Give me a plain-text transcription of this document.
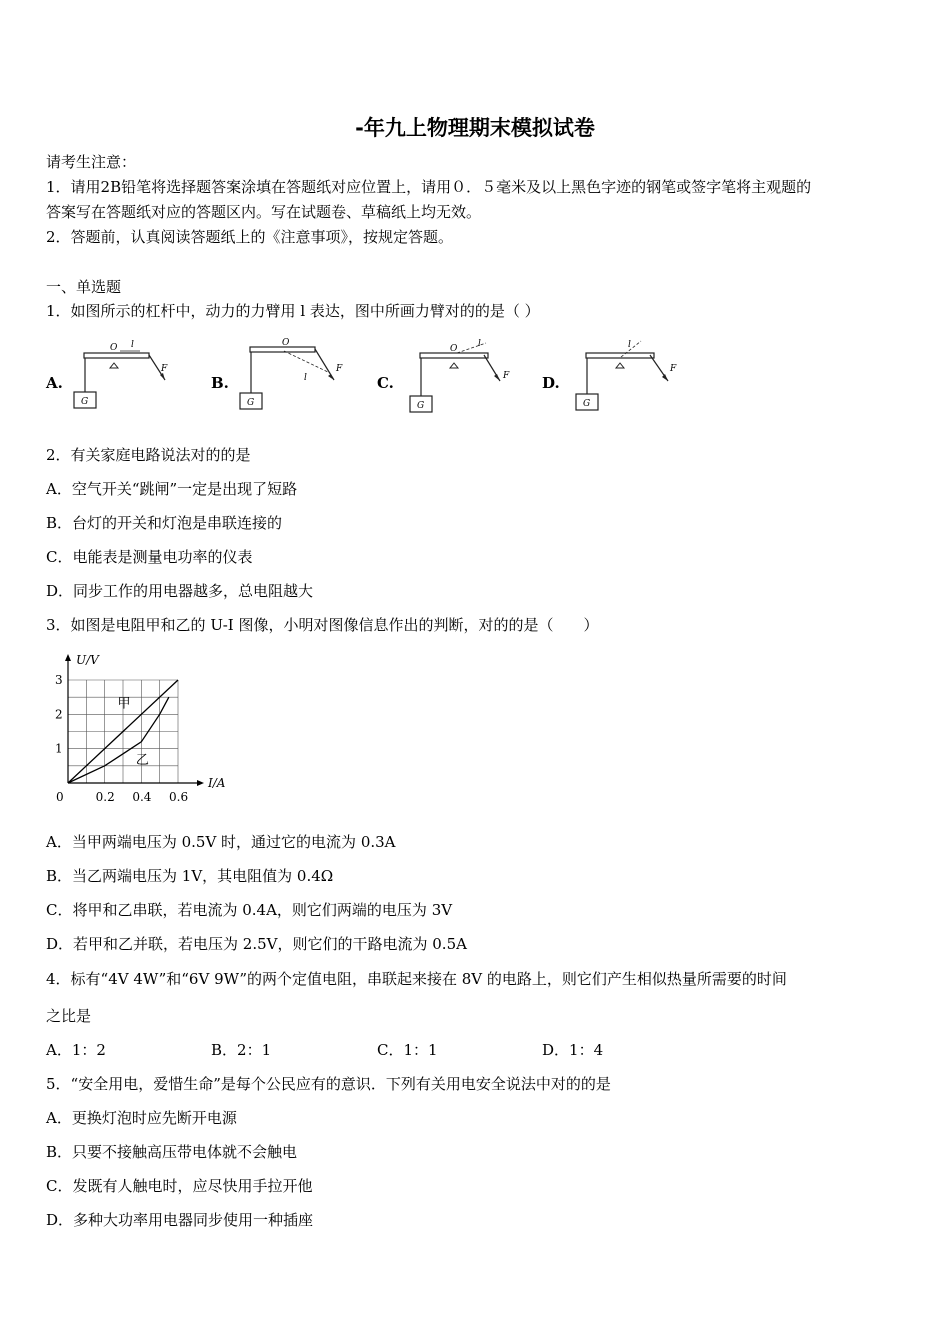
-年九上物理期末模拟试卷
请考生注意：
1．请用2B铅笔将选择题答案涂填在答题纸对应位置上，请用０．５毫米及以上黑色字迹的钢笔或签字笔将主观题的
答案写在答题纸对应的答题区内。写在试题卷、草稿纸上均无效。
2．答题前，认真阅读答题纸上的《注意事项》，按规定答题。
一、单选题
1．如图所示的杠杆中，动力的力臂用 l 表达，图中所画力臂对的的是（ ）
A.	B.	C.	D.
G
O l
F
G
O
F
l
G
O l
F
G
l
F
2．有关家庭电路说法对的的是
A．空气开关“跳闸”一定是出现了短路
B．台灯的开关和灯泡是串联连接的
C．电能表是测量电功率的仪表
D．同步工作的用电器越多，总电阻越大
3．如图是电阻甲和乙的 U-I 图像，小明对图像信息作出的判断，对的的是（　　）
U/V
I/A
0	0.2 0.4 0.6
1
2
3
甲
乙
A．当甲两端电压为 0.5V 时，通过它的电流为 0.3A
B．当乙两端电压为 1V，其电阻值为 0.4Ω
C．将甲和乙串联，若电流为 0.4A，则它们两端的电压为 3V
D．若甲和乙并联，若电压为 2.5V，则它们的干路电流为 0.5A
4．标有“4V 4W”和“6V 9W”的两个定值电阻，串联起来接在 8V 的电路上，则它们产生相似热量所需要的时间
之比是
A．1：2	B．2：1	C．1：1	D．1：4
5．“安全用电，爱惜生命”是每个公民应有的意识．下列有关用电安全说法中对的的是
A．更换灯泡时应先断开电源
B．只要不接触高压带电体就不会触电
C．发既有人触电时，应尽快用手拉开他
D．多种大功率用电器同步使用一种插座
